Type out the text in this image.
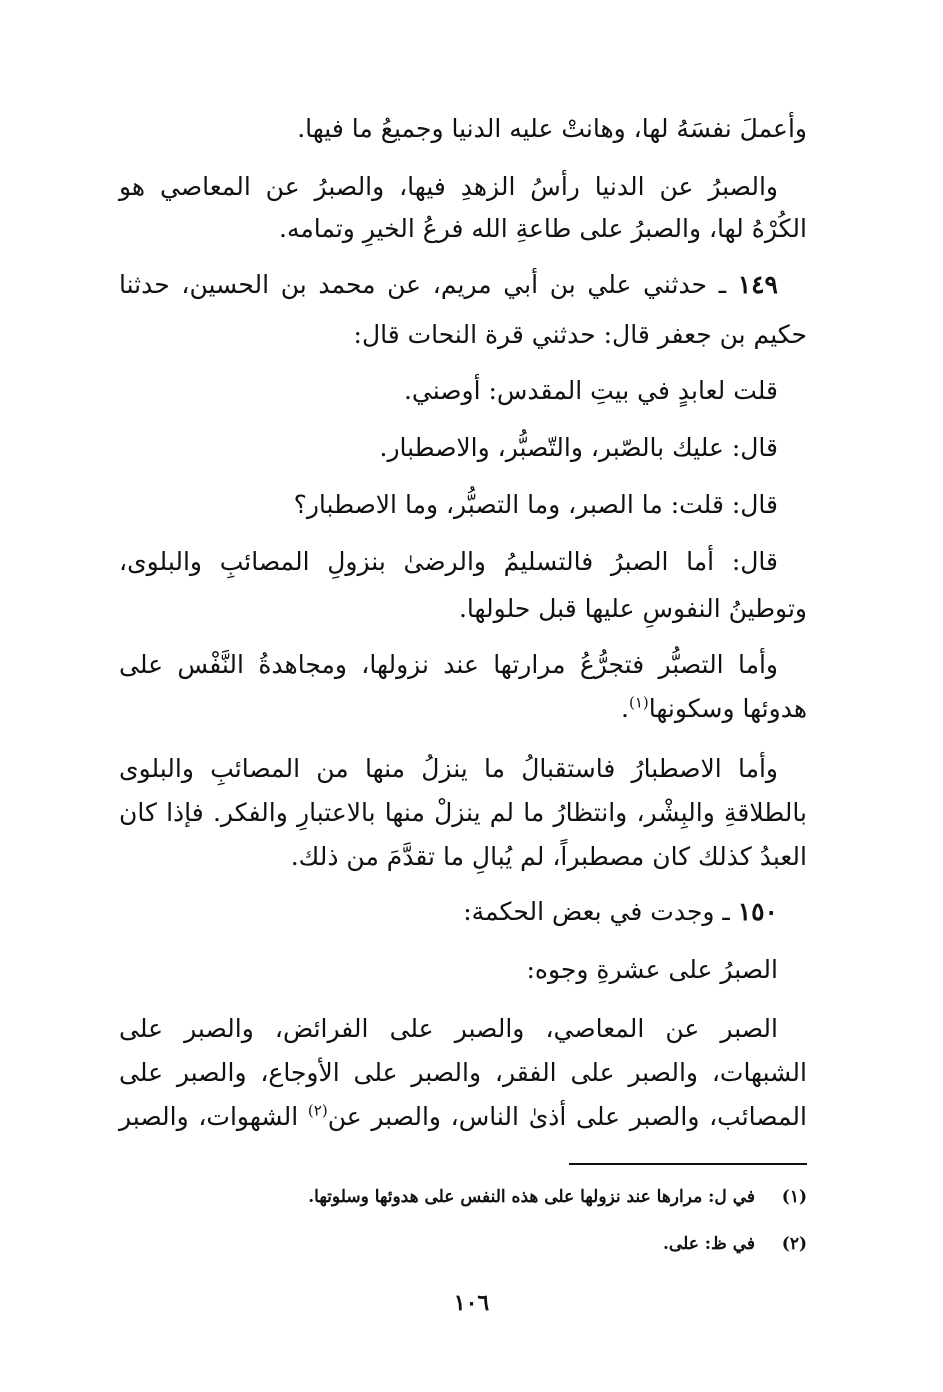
وأعملَ نفسَهُ لها، وهانتْ عليه الدنيا وجميعُ ما فيها.
والصبرُ عن الدنيا رأسُ الزهدِ فيها، والصبرُ عن المعاصي هو
الكُرْهُ لها، والصبرُ على طاعةِ الله فرعُ الخيرِ وتمامه.
١٤٩ ـ حدثني علي بن أبي مريم، عن محمد بن الحسين، حدثنا
حكيم بن جعفر قال: حدثني قرة النحات قال:
قلت لعابدٍ في بيتِ المقدس: أوصني.
قال: عليك بالصّبر، والتّصبُّر، والاصطبار.
قال: قلت: ما الصبر، وما التصبُّر، وما الاصطبار؟
قال: أما الصبرُ فالتسليمُ والرضىٰ بنزولِ المصائبِ والبلوى،
وتوطينُ النفوسِ عليها قبل حلولها.
وأما التصبُّر فتجرُّعُ مرارتها عند نزولها، ومجاهدةُ النَّفْس على
هدوئها وسكونها$^{(١)}$.
وأما الاصطبارُ فاستقبالُ ما ينزلُ منها من المصائبِ والبلوى
بالطلاقةِ والبِشْر، وانتظارُ ما لم ينزلْ منها بالاعتبارِ والفكر. فإذا كان
العبدُ كذلك كان مصطبراً، لم يُبالِ ما تقدَّمَ من ذلك.
١٥٠ ـ وجدت في بعض الحكمة:
الصبرُ على عشرةِ وجوه:
الصبر عن المعاصي، والصبر على الفرائض، والصبر على
الشبهات، والصبر على الفقر، والصبر على الأوجاع، والصبر على
المصائب، والصبر على أذىٰ الناس، والصبر عن$^{(٢)}$ الشهوات، والصبر
(١)في ل: مرارها عند نزولها على هذه النفس على هدوئها وسلوتها.
(٢)في ظ: على.
١٠٦
